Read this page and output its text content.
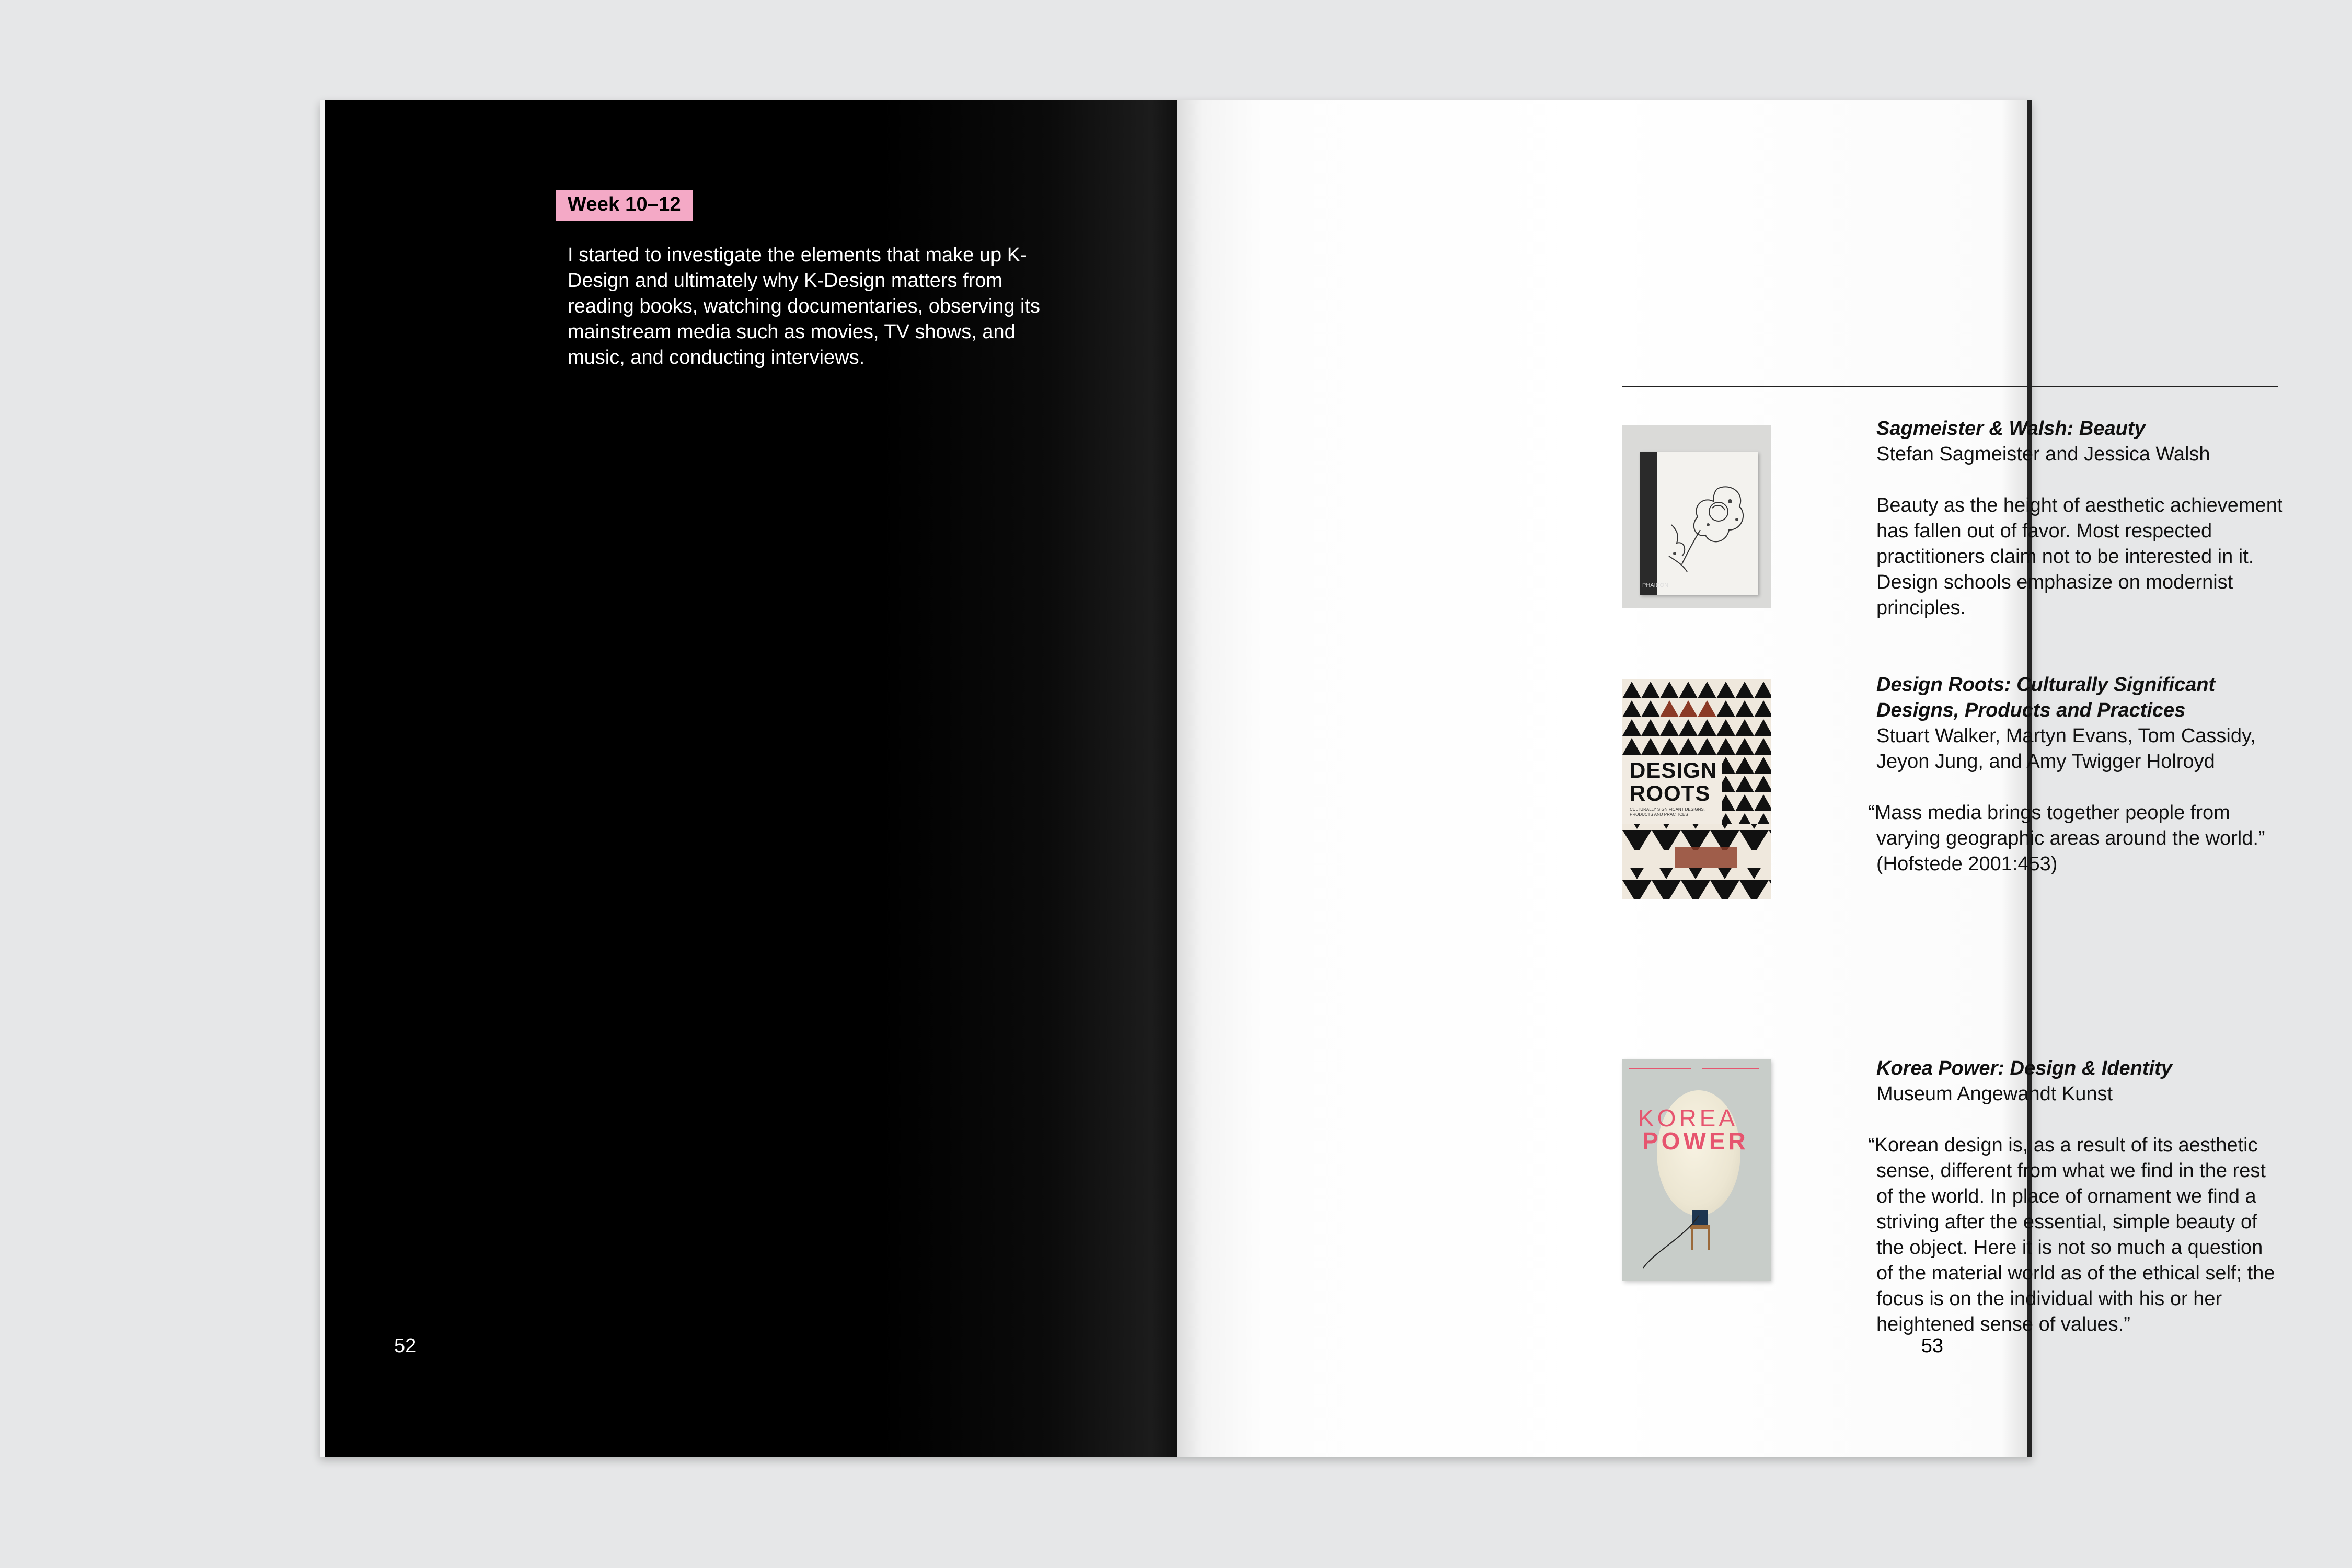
Week 10–12

I started to investigate the elements that make up K-Design and ultimately why K-Design matters from reading books, watching documentaries, observing its mainstream media such as movies, TV shows, and music, and conducting interviews.

52
PHAIDON
Sagmeister & Walsh: Beauty
Stefan Sagmeister and Jessica Walsh
Beauty as the height of aesthetic achievement has fallen out of favor. Most respected practitioners claim not to be interested in it. Design schools emphasize on modernist principles.
DESIGN
ROOTS
CULTURALLY SIGNIFICANT DESIGNS, PRODUCTS AND PRACTICES
Design Roots: Culturally Significant Designs, Products and Practices
Stuart Walker, Martyn Evans, Tom Cassidy, Jeyon Jung, and Amy Twigger Holroyd
“Mass media brings together people from varying geographic areas around the world.” (Hofstede 2001:453)
KOREA
POWER
Korea Power: Design & Identity
Museum Angewandt Kunst
“Korean design is, as a result of its aesthetic sense, different from what we find in the rest of the world. In place of ornament we find a striving after the essential, simple beauty of the object. Here it is not so much a question of the material world as of the ethical self; the focus is on the individual with his or her heightened sense of values.”
53
